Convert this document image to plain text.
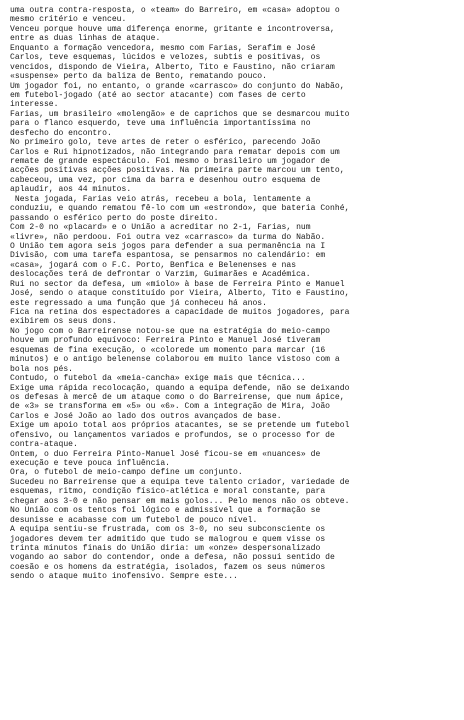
uma outra contra-resposta, o «team» do Barreiro, em «casa» adoptou o
mesmo critério e venceu.
Venceu porque houve uma diferença enorme, gritante e incontroversa,
entre as duas linhas de ataque.
Enquanto a formação vencedora, mesmo com Farias, Serafim e José
Carlos, teve esquemas, lúcidos e velozes, subtis e positivas, os
vencidos, dispondo de Vieira, Alberto, Tito e Faustino, não criaram
«suspense» perto da baliza de Bento, rematando pouco.
Um jogador foi, no entanto, o grande «carrasco» do conjunto do Nabão,
em futebol-jogado (até ao sector atacante) com fases de certo
interesse.
Farias, um brasileiro «molengão» e de caprichos que se desmarcou muito
para o flanco esquerdo, teve uma influência importantíssima no
desfecho do encontro.
No primeiro golo, teve artes de reter o esférico, parecendo João
Carlos e Rui hipnotizados, não integrando para rematar depois com um
remate de grande espectáculo. Foi mesmo o brasileiro um jogador de
acções positivas acções positivas. Na primeira parte marcou um tento,
cabeceou, uma vez, por cima da barra e desenhou outro esquema de
aplaudir, aos 44 minutos.
Nesta jogada, Farias veio atrás, recebeu a bola, lentamente a
conduziu, e quando rematou fê-lo com um «estrondo», que bateria Conhé,
passando o esférico perto do poste direito.
Com 2-0 no «placard» e o União a acreditar no 2-1, Farias, num
«livre», não perdoou. Foi outra vez «carrasco» da turma do Nabão.
O União tem agora seis jogos para defender a sua permanência na I
Divisão, com uma tarefa espantosa, se pensarmos no calendário: em
«casa», jogará com o F.C. Porto, Benfica e Belenenses e nas
deslocações terá de defrontar o Varzim, Guimarães e Académica.
Rui no sector da defesa, um «miolo» à base de Ferreira Pinto e Manuel
José, sendo o ataque constituído por Vieira, Alberto, Tito e Faustino,
este regressado a uma função que já conheceu há anos.
Fica na retina dos espectadores a capacidade de muitos jogadores, para
exibirem os seus dons.
No jogo com o Barreirense notou-se que na estratégia do meio-campo
houve um profundo equívoco: Ferreira Pinto e Manuel José tiveram
esquemas de fina execução, o «colorede um momento para marcar (16
minutos) e o antigo belenense colaborou em muito lance vistoso com a
bola nos pés.
Contudo, o futebol da «meia-cancha» exige mais que técnica...
Exige uma rápida recolocação, quando a equipa defende, não se deixando
os defesas à mercê de um ataque como o do Barreirense, que num ápice,
de «3» se transforma em «5» ou «6». Com a integração de Mira, João
Carlos e José João ao lado dos outros avançados de base.
Exige um apoio total aos próprios atacantes, se se pretende um futebol
ofensivo, ou lançamentos variados e profundos, se o processo for de
contra-ataque.
Ontem, o duo Ferreira Pinto-Manuel José ficou-se em «nuances» de
execução e teve pouca influência.
Ora, o futebol de meio-campo define um conjunto.
Sucedeu no Barreirense que a equipa teve talento criador, variedade de
esquemas, ritmo, condição físico-atlética e moral constante, para
chegar aos 3-0 e não pensar em mais golos... Pelo menos não os obteve.
No União com os tentos foi lógico e admissível que a formação se
desunisse e acabasse com um futebol de pouco nível.
A equipa sentiu-se frustrada, com os 3-0, no seu subconsciente os
jogadores devem ter admitido que tudo se malogrou e quem visse os
trinta minutos finais do União diria: um «onze» despersonalizado
vogando ao sabor do contendor, onde a defesa, não possui sentido de
coesão e os homens da estratégia, isolados, fazem os seus números
sendo o ataque muito inofensivo. Sempre este...
